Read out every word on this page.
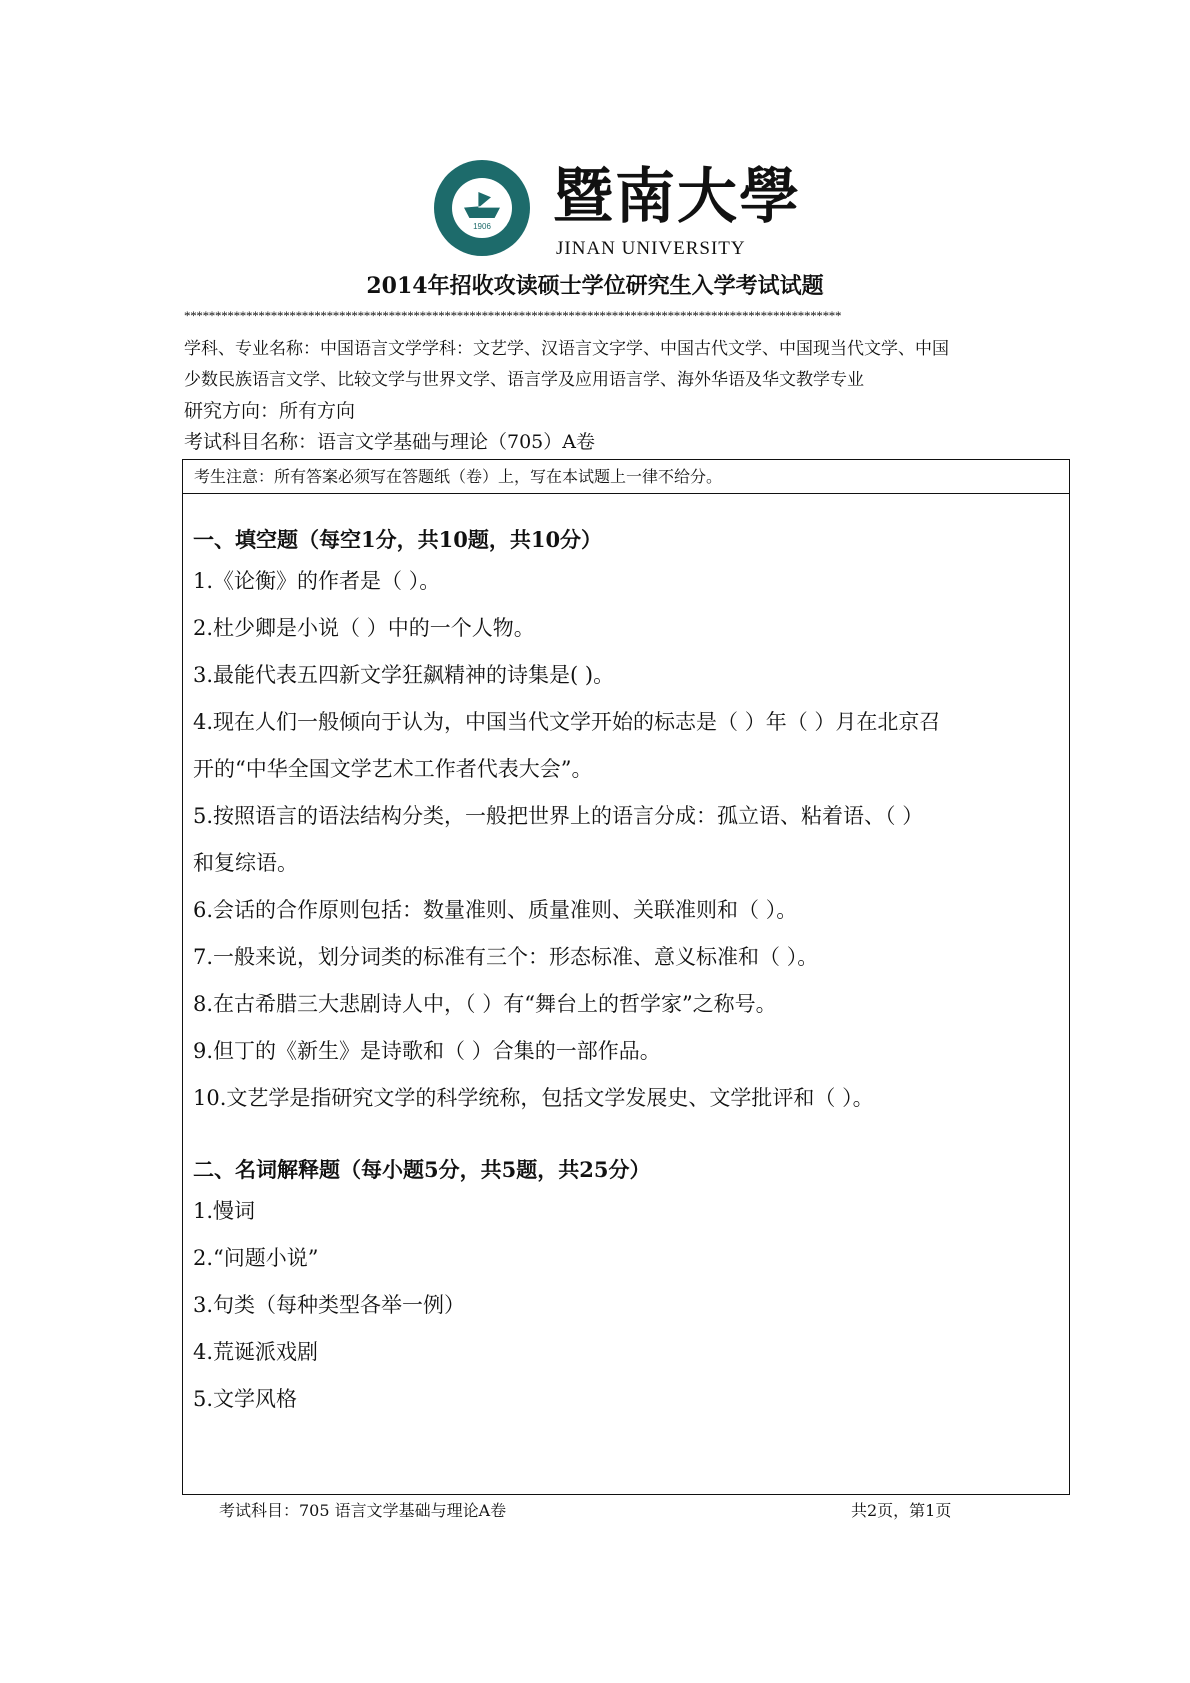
1906	暨南大學
JINAN UNIVERSITY
2014年招收攻读硕士学位研究生入学考试试题
**********************************************************************************************************
学科、专业名称：中国语言文学学科：文艺学、汉语言文字学、中国古代文学、中国现当代文学、中国
少数民族语言文学、比较文学与世界文学、语言学及应用语言学、海外华语及华文教学专业
研究方向：所有方向
考试科目名称：语言文学基础与理论（705）A卷
考生注意：所有答案必须写在答题纸（卷）上，写在本试题上一律不给分。
一、填空题（每空1分，共10题，共10分）
1.《论衡》的作者是（ ）。
2.杜少卿是小说（ ）中的一个人物。
3.最能代表五四新文学狂飙精神的诗集是( )。
4.现在人们一般倾向于认为，中国当代文学开始的标志是（ ）年（ ）月在北京召
开的“中华全国文学艺术工作者代表大会”。
5.按照语言的语法结构分类，一般把世界上的语言分成：孤立语、粘着语、（ ）
和复综语。
6.会话的合作原则包括：数量准则、质量准则、关联准则和（ ）。
7.一般来说，划分词类的标准有三个：形态标准、意义标准和（ ）。
8.在古希腊三大悲剧诗人中，（ ）有“舞台上的哲学家”之称号。
9.但丁的《新生》是诗歌和（ ）合集的一部作品。
10.文艺学是指研究文学的科学统称，包括文学发展史、文学批评和（ ）。
二、名词解释题（每小题5分，共5题，共25分）
1.慢词
2.“问题小说”
3.句类（每种类型各举一例）
4.荒诞派戏剧
5.文学风格
考试科目：705 语言文学基础与理论A卷	共2页，第1页
